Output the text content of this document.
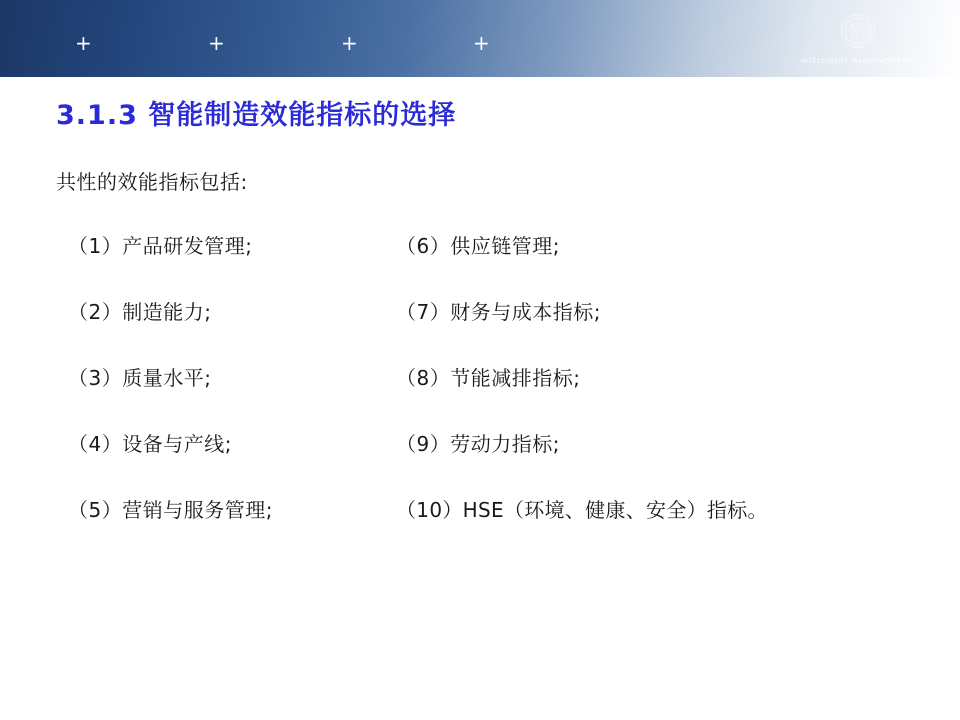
+	+	+	+
INTELLIGENT MANUFACTURING
3.1.3 智能制造效能指标的选择
共性的效能指标包括:
（1）产品研发管理;
（2）制造能力;
（3）质量水平;
（4）设备与产线;
（5）营销与服务管理;
（6）供应链管理;
（7）财务与成本指标;
（8）节能减排指标;
（9）劳动力指标;
（10）HSE（环境、健康、安全）指标。
